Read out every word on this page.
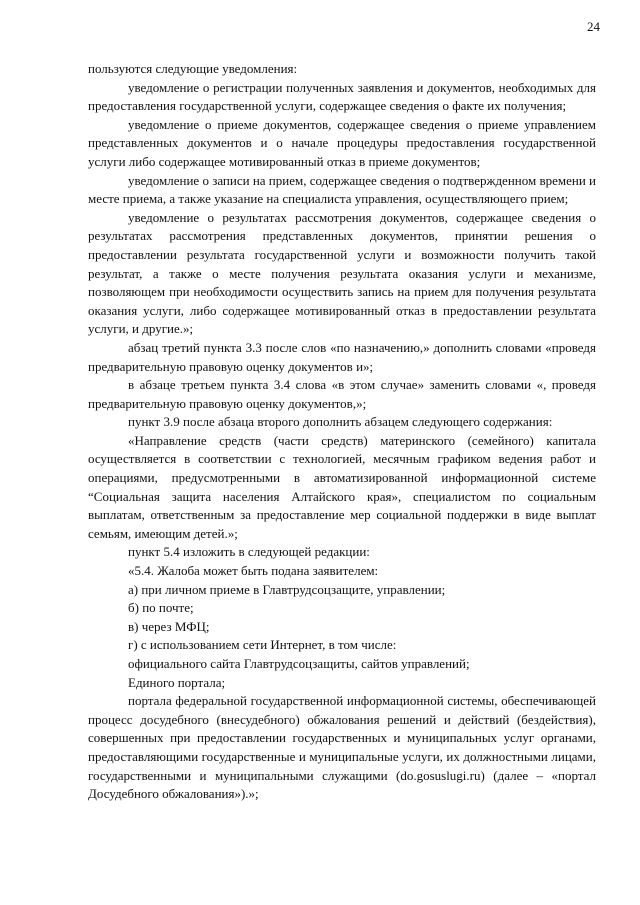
24

пользуются следующие уведомления:

уведомление о регистрации полученных заявления и документов, необходимых для предоставления государственной услуги, содержащее сведения о факте их получения;

уведомление о приеме документов, содержащее сведения о приеме управлением представленных документов и о начале процедуры предоставления государственной услуги либо содержащее мотивированный отказ в приеме документов;

уведомление о записи на прием, содержащее сведения о подтвержденном времени и месте приема, а также указание на специалиста управления, осуществляющего прием;

уведомление о результатах рассмотрения документов, содержащее сведения о результатах рассмотрения представленных документов, принятии решения о предоставлении результата государственной услуги и возможности получить такой результат, а также о месте получения результата оказания услуги и механизме, позволяющем при необходимости осуществить запись на прием для получения результата оказания услуги, либо содержащее мотивированный отказ в предоставлении результата услуги, и другие.»;

абзац третий пункта 3.3 после слов «по назначению,» дополнить словами «проведя предварительную правовую оценку документов и»;

в абзаце третьем пункта 3.4 слова «в этом случае» заменить словами «, проведя предварительную правовую оценку документов,»;

пункт 3.9 после абзаца второго дополнить абзацем следующего содержания:

«Направление средств (части средств) материнского (семейного) капитала осуществляется в соответствии с технологией, месячным графиком ведения работ и операциями, предусмотренными в автоматизированной информационной системе “Социальная защита населения Алтайского края», специалистом по социальным выплатам, ответственным за предоставление мер социальной поддержки в виде выплат семьям, имеющим детей.»;

пункт 5.4 изложить в следующей редакции:

«5.4. Жалоба может быть подана заявителем:

а) при личном приеме в Главтрудсоцзащите, управлении;

б) по почте;

в) через МФЦ;

г) с использованием сети Интернет, в том числе:

официального сайта Главтрудсоцзащиты, сайтов управлений;

Единого портала;

портала федеральной государственной информационной системы, обеспечивающей процесс досудебного (внесудебного) обжалования решений и действий (бездействия), совершенных при предоставлении государственных и муниципальных услуг органами, предоставляющими государственные и муниципальные услуги, их должностными лицами, государственными и муниципальными служащими (do.gosuslugi.ru) (далее – «портал Досудебного обжалования»).»;
